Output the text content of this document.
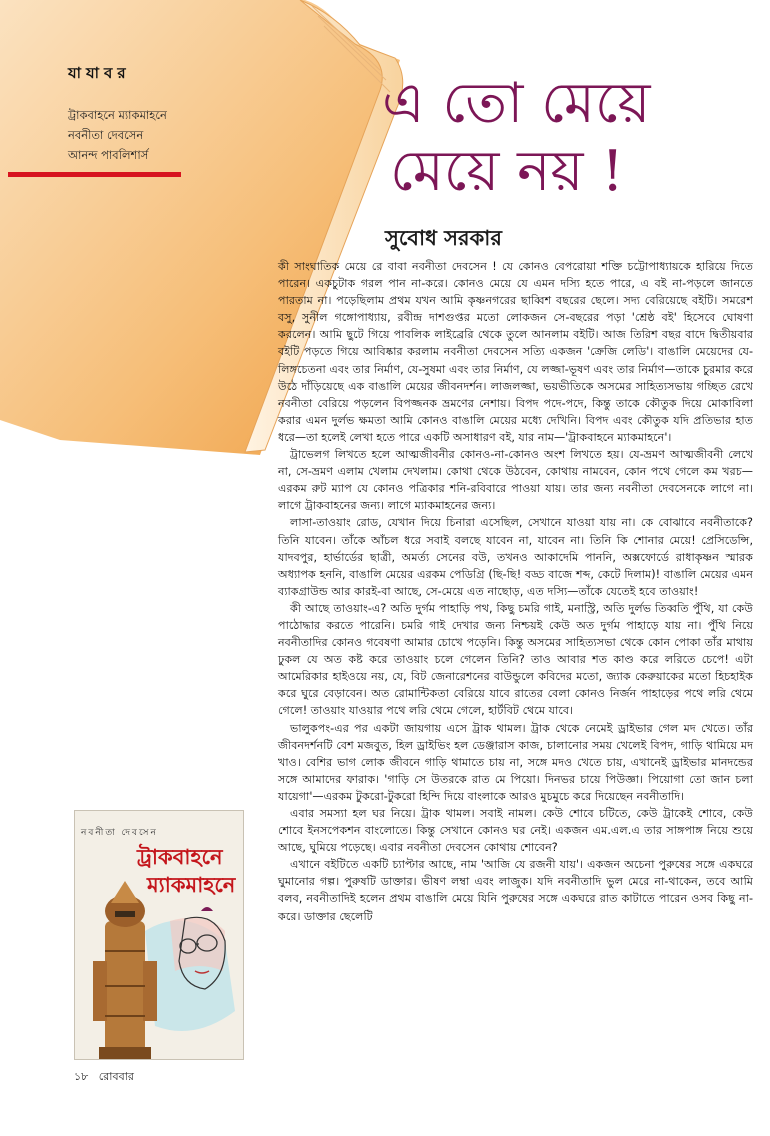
যাযাবর
ট্রাকবাহনে ম্যাকমাহনে
নবনীতা দেবসেন
আনন্দ পাবলিশার্স
এ তো মেয়ে

মেয়ে নয় !
সুবোধ সরকার

কী সাংঘাতিক মেয়ে রে বাবা নবনীতা দেবসেন ! যে কোনও বেপরোয়া শক্তি চট্টোপাধ্যায়কে হারিয়ে দিতে পারেন। একচুটাক গরল পান না-করে। কোনও মেয়ে যে এমন দস্যি হতে পারে, এ বই না-পড়লে জানতে পারতাম না। পড়েছিলাম প্রথম যখন আমি কৃষ্ণনগরের ছাব্বিশ বছরের ছেলে। সদ্য বেরিয়েছে বইটি। সমরেশ বসু, সুনীল গঙ্গোপাধ্যায়, রবীন্দ্র দাশগুপ্তর মতো লোকজন সে-বছরের পড়া 'শ্রেষ্ঠ বই' হিসেবে ঘোষণা করলেন। আমি ছুটে গিয়ে পাবলিক লাইব্রেরি থেকে তুলে আনলাম বইটি। আজ তিরিশ বছর বাদে দ্বিতীয়বার বইটি পড়তে গিয়ে আবিষ্কার করলাম নবনীতা দেবসেন সত্যি একজন 'ক্রেজি লেডি'। বাঙালি মেয়েদের যে-লিঙ্গচেতনা এবং তার নির্মাণ, যে-সুষমা এবং তার নির্মাণ, যে লজ্জা-ভূষণ এবং তার নির্মাণ—তাকে চুরমার করে উঠে দাঁড়িয়েছে এক বাঙালি মেয়ের জীবনদর্শন। লাজলজ্জা, ভয়ভীতিকে অসমের সাহিত্যসভায় গচ্ছিত রেখে নবনীতা বেরিয়ে পড়লেন বিপজ্জনক ভ্রমণের নেশায়। বিপদ পদে-পদে, কিন্তু তাকে কৌতুক দিয়ে মোকাবিলা করার এমন দুর্লভ ক্ষমতা আমি কোনও বাঙালি মেয়ের মধ্যে দেখিনি। বিপদ এবং কৌতুক যদি প্রতিভার হাত ধরে—তা হলেই লেখা হতে পারে একটি অসাধারণ বই, যার নাম—'ট্রাকবাহনে ম্যাকমাহনে'।

ট্রাভেলগ লিখতে হলে আত্মজীবনীর কোনও-না-কোনও অংশ লিখতে হয়। যে-ভ্রমণ আত্মজীবনী লেখে না, সে-ভ্রমণ এলাম খেলাম দেখলাম। কোথা থেকে উঠবেন, কোথায় নামবেন, কোন পথে গেলে কম খরচ—এরকম রুট ম্যাপ যে কোনও পত্রিকার শনি-রবিবারে পাওয়া যায়। তার জন্য নবনীতা দেবসেনকে লাগে না। লাগে ট্রাকবাহনের জন্য। লাগে ম্যাকমাহনের জন্য।

লাসা-তাওয়াং রোড, যেখান দিয়ে চিনারা এসেছিল, সেখানে যাওয়া যায় না। কে বোঝাবে নবনীতাকে? তিনি যাবেন। তাঁকে আঁচল ধরে সবাই বলছে যাবেন না, যাবেন না। তিনি কি শোনার মেয়ে! প্রেসিডেন্সি, যাদবপুর, হার্ভার্ডের ছাত্রী, অমর্ত্য সেনের বউ, তখনও আকাদেমি পাননি, অক্সফোর্ডে রাধাকৃষ্ণন স্মারক অধ্যাপক হননি, বাঙালি মেয়ের এরকম পেডিগ্রি (ছি-ছি! বড্ড বাজে শব্দ, কেটে দিলাম)! বাঙালি মেয়ের এমন ব্যাকগ্রাউন্ড আর কারই-বা আছে, সে-মেয়ে এত নাছোড়, এত দস্যি—তাঁকে যেতেই হবে তাওয়াং!

কী আছে তাওয়াং-এ? অতি দুর্গম পাহাড়ি পথ, কিছু চমরি গাই, মনাস্ট্রি, অতি দুর্লভ তিব্বতি পুঁথি, যা কেউ পাঠোদ্ধার করতে পারেনি। চমরি গাই দেখার জন্য নিশ্চয়ই কেউ অত দুর্গম পাহাড়ে যায় না। পুঁথি নিয়ে নবনীতাদির কোনও গবেষণা আমার চোখে পড়েনি। কিন্তু অসমের সাহিত্যসভা থেকে কোন পোকা তাঁর মাথায় ঢুকল যে অত কষ্ট করে তাওয়াং চলে গেলেন তিনি? তাও আবার শত কাণ্ড করে লরিতে চেপে! এটা আমেরিকার হাইওয়ে নয়, যে, বিট জেনারেশনের বাউন্ডুলে কবিদের মতো, জ্যাক কেরুয়াকের মতো হিচহাইক করে ঘুরে বেড়াবেন। অত রোমান্টিকতা বেরিয়ে যাবে রাতের বেলা কোনও নির্জন পাহাড়ের পথে লরি থেমে গেলে! তাওয়াং যাওয়ার পথে লরি থেমে গেলে, হার্টবিট থেমে যাবে।

ভালুকপং-এর পর একটা জায়গায় এসে ট্রাক থামল। ট্রাক থেকে নেমেই ড্রাইভার গেল মদ খেতে। তাঁর জীবনদর্শনটি বেশ মজবুত, হিল ড্রাইভিং হল ডেঞ্জারাস কাজ, চালানোর সময় খেলেই বিপদ, গাড়ি থামিয়ে মদ খাও। বেশির ভাগ লোক জীবনে গাড়ি থামাতে চায় না, সঙ্গে মদও খেতে চায়, এখানেই ড্রাইভার মানদন্ডের সঙ্গে আমাদের ফারাক। 'গাড়ি সে উতরকে রাত মে পিয়ো। দিনভর চায়ে পিউজ্ঞা। পিয়োগা তো জান চলা যায়েগা'—এরকম টুকরো-টুকরো হিন্দি দিয়ে বাংলাকে আরও মুচমুচে করে দিয়েছেন নবনীতাদি।

এবার সমস্যা হল ঘর নিয়ে। ট্রাক থামল। সবাই নামল। কেউ শোবে চটিতে, কেউ ট্রাকেই শোবে, কেউ শোবে ইনসপেকশন বাংলোতে। কিন্তু সেখানে কোনও ঘর নেই। একজন এম.এল.এ তার সাঙ্গপাঙ্গ নিয়ে শুয়ে আছে, ঘুমিয়ে পড়েছে। এবার নবনীতা দেবসেন কোথায় শোবেন?

এখানে বইটিতে একটি চ্যাপ্টার আছে, নাম 'আজি যে রজনী যায়'। একজন অচেনা পুরুষের সঙ্গে একঘরে ঘুমানোর গল্প। পুরুষটি ডাক্তার। ভীষণ লম্বা এবং লাজুক। যদি নবনীতাদি ভুল মেরে না-থাকেন, তবে আমি বলব, নবনীতাদিই হলেন প্রথম বাঙালি মেয়ে যিনি পুরুষের সঙ্গে একঘরে রাত কাটাতে পারেন ওসব কিছু না-করে। ডাক্তার ছেলেটি

নবনীতা দেবসেন
ট্রাকবাহনে
ম্যাকমাহনে
১৮ রোববার
